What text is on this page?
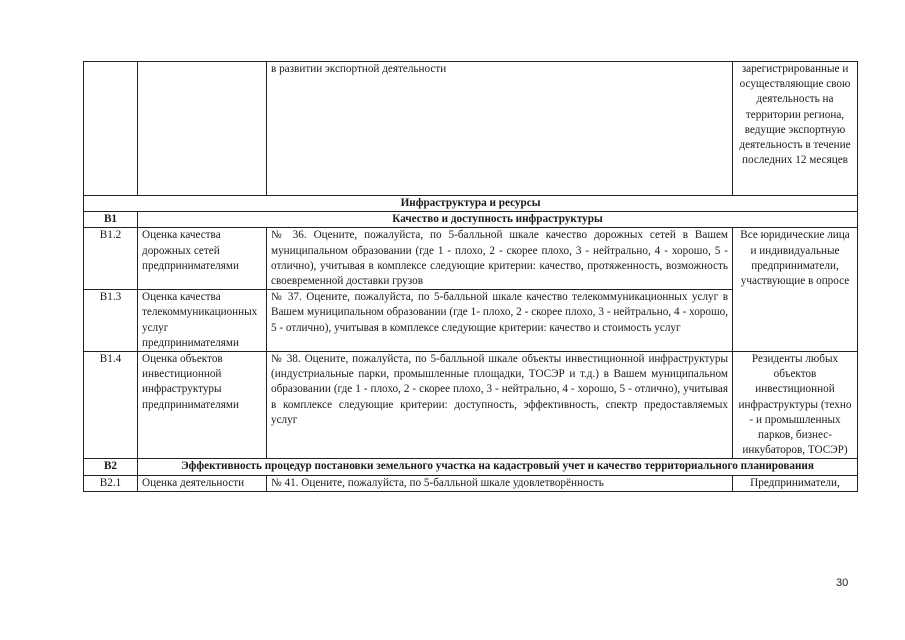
		в развитии экспортной деятельности	зарегистрированные и осуществляющие свою деятельность на территории региона, ведущие экспортную деятельность в течение последних 12 месяцев
Инфраструктура и ресурсы			
В1	Качество и доступность инфраструктуры		
В1.2	Оценка качества дорожных сетей предпринимателями	№ 36. Оцените, пожалуйста, по 5-балльной шкале качество дорожных сетей в Вашем муниципальном образовании (где 1 - плохо, 2 - скорее плохо, 3 - нейтрально, 4 - хорошо, 5 - отлично), учитывая в комплексе следующие критерии: качество, протяженность, возможность своевременной доставки грузов	Все юридические лица и индивидуальные предприниматели, участвующие в опросе
В1.3	Оценка качества телекоммуникационных услуг предпринимателями	№ 37. Оцените, пожалуйста, по 5-балльной шкале качество телекоммуникационных услуг в Вашем муниципальном образовании (где 1- плохо, 2 - скорее плохо, 3 - нейтрально, 4 - хорошо, 5 - отлично), учитывая в комплексе следующие критерии: качество и стоимость услуг	
В1.4	Оценка объектов инвестиционной инфраструктуры предпринимателями	№ 38. Оцените, пожалуйста, по 5-балльной шкале объекты инвестиционной инфраструктуры (индустриальные парки, промышленные площадки, ТОСЭР и т.д.) в Вашем муниципальном образовании (где 1 - плохо, 2 - скорее плохо, 3 - нейтрально, 4 - хорошо, 5 - отлично), учитывая в комплексе следующие критерии: доступность, эффективность, спектр предоставляемых услуг	Резиденты любых объектов инвестиционной инфраструктуры (техно - и промышленных парков, бизнес-инкубаторов, ТОСЭР)
В2	Эффективность процедур постановки земельного участка на кадастровый учет и качество территориального планирования		
В2.1	Оценка деятельности	№ 41. Оцените, пожалуйста, по 5-балльной шкале удовлетворённость	Предприниматели,
30
